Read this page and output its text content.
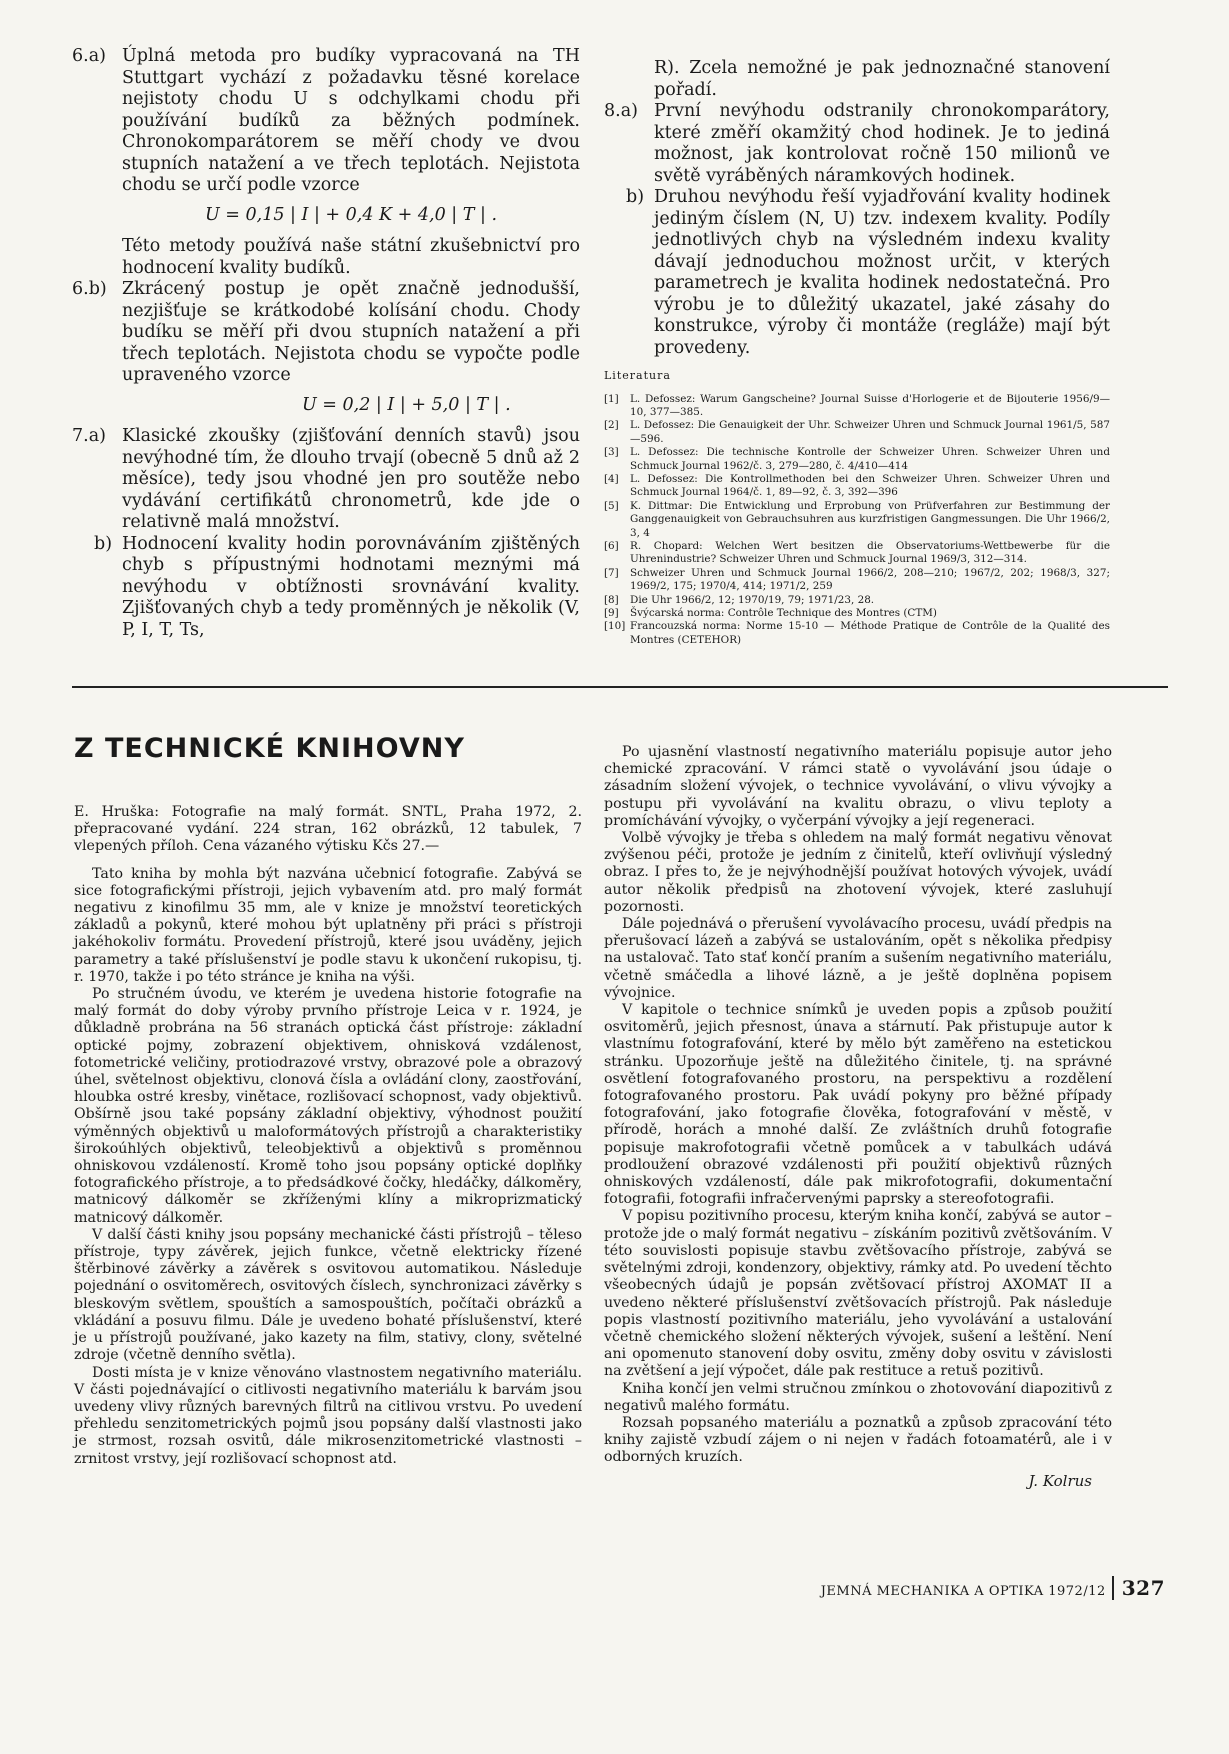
6.a) Úplná metoda pro budíky vypracovaná na TH Stuttgart vychází z požadavku těsné korelace nejistoty chodu U s odchylkami chodu při používání budíků za běžných podmínek. Chronokomparátorem se měří chody ve dvou stupních natažení a ve třech teplotách. Nejistota chodu se určí podle vzorce

U = 0,15 | I | + 0,4 K + 4,0 | T | .

Této metody používá naše státní zkušebnictví pro hodnocení kvality budíků.

6.b) Zkrácený postup je opět značně jednodušší, nezjišťuje se krátkodobé kolísání chodu. Chody budíku se měří při dvou stupních natažení a při třech teplotách. Nejistota chodu se vypočte podle upraveného vzorce

U = 0,2 | I | + 5,0 | T | .
7.a) Klasické zkoušky (zjišťování denních stavů) jsou nevýhodné tím, že dlouho trvají (obecně 5 dnů až 2 měsíce), tedy jsou vhodné jen pro soutěže nebo vydávání certifikátů chronometrů, kde jde o relativně malá množství.

b) Hodnocení kvality hodin porovnáváním zjištěných chyb s přípustnými hodnotami meznými má nevýhodu v obtížnosti srovnávání kvality. Zjišťovaných chyb a tedy proměnných je několik (V, P, I, T, Ts,

R). Zcela nemožné je pak jednoznačné stanovení pořadí.

8.a) První nevýhodu odstranily chronokomparátory, které změří okamžitý chod hodinek. Je to jediná možnost, jak kontrolovat ročně 150 milionů ve světě vyráběných náramkových hodinek.

b) Druhou nevýhodu řeší vyjadřování kvality hodinek jediným číslem (N, U) tzv. indexem kvality. Podíly jednotlivých chyb na výsledném indexu kvality dávají jednoduchou možnost určit, v kterých parametrech je kvalita hodinek nedostatečná. Pro výrobu je to důležitý ukazatel, jaké zásahy do konstrukce, výroby či montáže (regláže) mají být provedeny.

Literatura
[1] L. Defossez: Warum Gangscheine? Journal Suisse d'Horlogerie et de Bijouterie 1956/9—10, 377—385.
[2] L. Defossez: Die Genauigkeit der Uhr. Schweizer Uhren und Schmuck Journal 1961/5, 587—596.
[3] L. Defossez: Die technische Kontrolle der Schweizer Uhren. Schweizer Uhren und Schmuck Journal 1962/č. 3, 279—280, č. 4/410—414
[4] L. Defossez: Die Kontrollmethoden bei den Schweizer Uhren. Schweizer Uhren und Schmuck Journal 1964/č. 1, 89—92, č. 3, 392—396
[5] K. Dittmar: Die Entwicklung und Erprobung von Prüfverfahren zur Bestimmung der Ganggenauigkeit von Gebrauchsuhren aus kurzfristigen Gangmessungen. Die Uhr 1966/2, 3, 4
[6] R. Chopard: Welchen Wert besitzen die Observatoriums-Wettbewerbe für die Uhrenindustrie? Schweizer Uhren und Schmuck Journal 1969/3, 312—314.
[7] Schweizer Uhren und Schmuck Journal 1966/2, 208—210; 1967/2, 202; 1968/3, 327; 1969/2, 175; 1970/4, 414; 1971/2, 259
[8] Die Uhr 1966/2, 12; 1970/19, 79; 1971/23, 28.
[9] Švýcarská norma: Contrôle Technique des Montres (CTM)
[10] Francouzská norma: Norme 15-10 — Méthode Pratique de Contrôle de la Qualité des Montres (CETEHOR)
Z TECHNICKÉ KNIHOVNY

E. Hruška: Fotografie na malý formát. SNTL, Praha 1972, 2. přepracované vydání. 224 stran, 162 obrázků, 12 tabulek, 7 vlepených příloh. Cena vázaného výtisku Kčs 27.—

Tato kniha by mohla být nazvána učebnicí fotografie. Zabývá se sice fotografickými přístroji, jejich vybavením atd. pro malý formát negativu z kinofilmu 35 mm, ale v knize je množství teoretických základů a pokynů, které mohou být uplatněny při práci s přístroji jakéhokoliv formátu. Provedení přístrojů, které jsou uváděny, jejich parametry a také příslušenství je podle stavu k ukončení rukopisu, tj. r. 1970, takže i po této stránce je kniha na výši.

Po stručném úvodu, ve kterém je uvedena historie fotografie na malý formát do doby výroby prvního přístroje Leica v r. 1924, je důkladně probrána na 56 stranách optická část přístroje: základní optické pojmy, zobrazení objektivem, ohnisková vzdálenost, fotometrické veličiny, protiodrazové vrstvy, obrazové pole a obrazový úhel, světelnost objektivu, clonová čísla a ovládání clony, zaostřování, hloubka ostré kresby, vinětace, rozlišovací schopnost, vady objektivů. Obšírně jsou také popsány základní objektivy, výhodnost použití výměnných objektivů u maloformátových přístrojů a charakteristiky širokoúhlých objektivů, teleobjektivů a objektivů s proměnnou ohniskovou vzdáleností. Kromě toho jsou popsány optické doplňky fotografického přístroje, a to předsádkové čočky, hledáčky, dálkoměry, matnicový dálkoměr se zkříženými klíny a mikroprizmatický matnicový dálkoměr.

V další části knihy jsou popsány mechanické části přístrojů – těleso přístroje, typy závěrek, jejich funkce, včetně elektricky řízené štěrbinové závěrky a závěrek s osvitovou automatikou. Následuje pojednání o osvitoměrech, osvitových číslech, synchronizaci závěrky s bleskovým světlem, spouštích a samospouštích, počítači obrázků a vkládání a posuvu filmu. Dále je uvedeno bohaté příslušenství, které je u přístrojů používané, jako kazety na film, stativy, clony, světelné zdroje (včetně denního světla).

Dosti místa je v knize věnováno vlastnostem negativního materiálu. V části pojednávající o citlivosti negativního materiálu k barvám jsou uvedeny vlivy různých barevných filtrů na citlivou vrstvu. Po uvedení přehledu senzitometrických pojmů jsou popsány další vlastnosti jako je strmost, rozsah osvitů, dále mikrosenzitometrické vlastnosti – zrnitost vrstvy, její rozlišovací schopnost atd.

Po ujasnění vlastností negativního materiálu popisuje autor jeho chemické zpracování. V rámci statě o vyvolávání jsou údaje o zásadním složení vývojek, o technice vyvolávání, o vlivu vývojky a postupu při vyvolávání na kvalitu obrazu, o vlivu teploty a promíchávání vývojky, o vyčerpání vývojky a její regeneraci.

Volbě vývojky je třeba s ohledem na malý formát negativu věnovat zvýšenou péči, protože je jedním z činitelů, kteří ovlivňují výsledný obraz. I přes to, že je nejvýhodnější používat hotových vývojek, uvádí autor několik předpisů na zhotovení vývojek, které zasluhují pozornosti.

Dále pojednává o přerušení vyvolávacího procesu, uvádí předpis na přerušovací lázeň a zabývá se ustalováním, opět s několika předpisy na ustalovač. Tato stať končí praním a sušením negativního materiálu, včetně smáčedla a lihové lázně, a je ještě doplněna popisem vývojnice.

V kapitole o technice snímků je uveden popis a způsob použití osvitoměrů, jejich přesnost, únava a stárnutí. Pak přistupuje autor k vlastnímu fotografování, které by mělo být zaměřeno na estetickou stránku. Upozorňuje ještě na důležitého činitele, tj. na správné osvětlení fotografovaného prostoru, na perspektivu a rozdělení fotografovaného prostoru. Pak uvádí pokyny pro běžné případy fotografování, jako fotografie člověka, fotografování v městě, v přírodě, horách a mnohé další. Ze zvláštních druhů fotografie popisuje makrofotografii včetně pomůcek a v tabulkách udává prodloužení obrazové vzdálenosti při použití objektivů různých ohniskových vzdáleností, dále pak mikrofotografii, dokumentační fotografii, fotografii infračervenými paprsky a stereofotografii.

V popisu pozitivního procesu, kterým kniha končí, zabývá se autor – protože jde o malý formát negativu – získáním pozitivů zvětšováním. V této souvislosti popisuje stavbu zvětšovacího přístroje, zabývá se světelnými zdroji, kondenzory, objektivy, rámky atd. Po uvedení těchto všeobecných údajů je popsán zvětšovací přístroj AXOMAT II a uvedeno některé příslušenství zvětšovacích přístrojů. Pak následuje popis vlastností pozitivního materiálu, jeho vyvolávání a ustalování včetně chemického složení některých vývojek, sušení a leštění. Není ani opomenuto stanovení doby osvitu, změny doby osvitu v závislosti na zvětšení a její výpočet, dále pak restituce a retuš pozitivů.

Kniha končí jen velmi stručnou zmínkou o zhotovování diapozitivů z negativů malého formátu.

Rozsah popsaného materiálu a poznatků a způsob zpracování této knihy zajistě vzbudí zájem o ni nejen v řadách fotoamatérů, ale i v odborných kruzích.

J. Kolrus
JEMNÁ MECHANIKA A OPTIKA 1972/12 327
